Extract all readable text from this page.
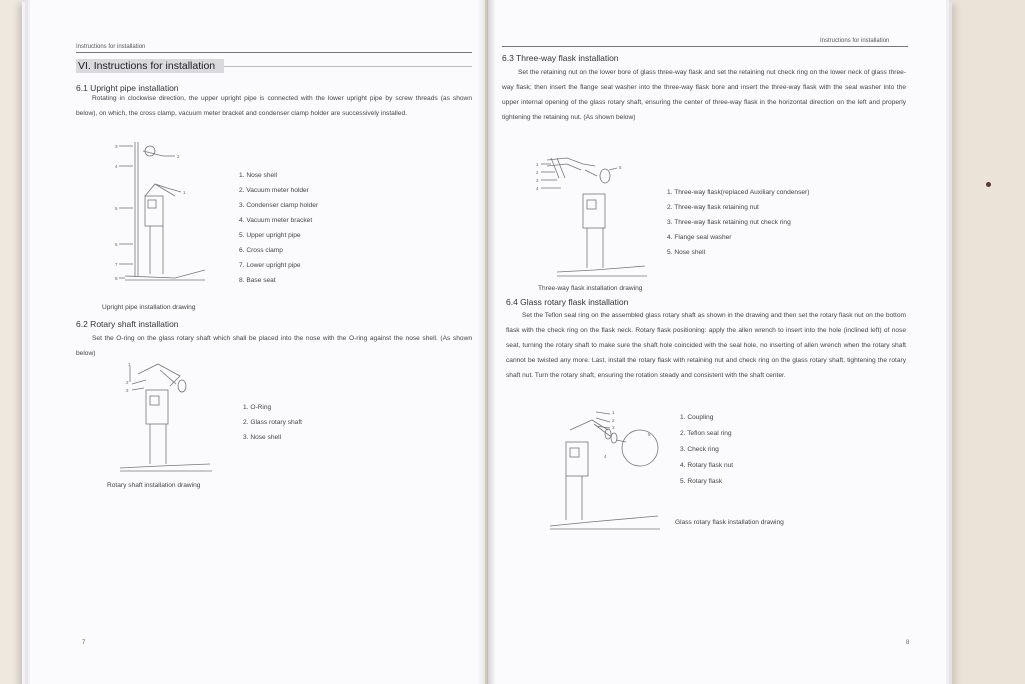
Instructions for installation
VI. Instructions for installation
6.1 Upright pipe installation
Rotating in clockwise direction, the upper upright pipe is connected with the lower upright pipe by screw threads (as shown below), on which, the cross clamp, vacuum meter bracket and condenser clamp holder are successively installed.
3
4
5
6
7
8
2
1
1. Nose shell
2. Vacuum meter holder
3. Condenser clamp holder
4. Vacuum meter bracket
5. Upper upright pipe
6. Cross clamp
7. Lower upright pipe
8. Base seat
Upright pipe installation drawing
6.2 Rotary shaft installation
Set the O-ring on the glass rotary shaft which shall be placed into the nose with the O-ring against the nose shell. (As shown below)
1
2
3
1. O-Ring
2. Glass rotary shaft
3. Nose shell
Rotary shaft installation drawing
7
Instructions for installation
6.3 Three-way flask installation
Set the retaining nut on the lower bore of glass three-way flask and set the retaining nut check ring on the lower neck of glass three-way flask; then insert the flange seal washer into the three-way flask bore and insert the three-way flask with the seal washer into the upper internal opening of the glass rotary shaft, ensuring the center of three-way flask in the horizontal direction on the left and properly tightening the retaining nut. (As shown below)
1
2
3
4
5
1. Three-way flask(replaced Auxiliary condenser)
2. Three-way flask retaining nut
3. Three-way flask retaining nut check ring
4. Flange seal washer
5. Nose shell
Three-way flask installation drawing
6.4 Glass rotary flask installation
Set the Teflon seal ring on the assembled glass rotary shaft as shown in the drawing and then set the rotary flask nut on the bottom flask with the check ring on the flask neck. Rotary flask positioning: apply the allen wrench to insert into the hole (inclined left) of nose seat, turning the rotary shaft to make sure the shaft hole coincided with the seal hole, no inserting of allen wrench when the rotary shaft cannot be twisted any more. Last, install the rotary flask with retaining nut and check ring on the glass rotary shaft, tightening the rotary shaft nut. Turn the rotary shaft, ensuring the rotation steady and consistent with the shaft center.
1
2
3
4
5
1. Coupling
2. Teflon seal ring
3. Check ring
4. Rotary flask nut
5. Rotary flask
Glass rotary flask installation drawing
8
